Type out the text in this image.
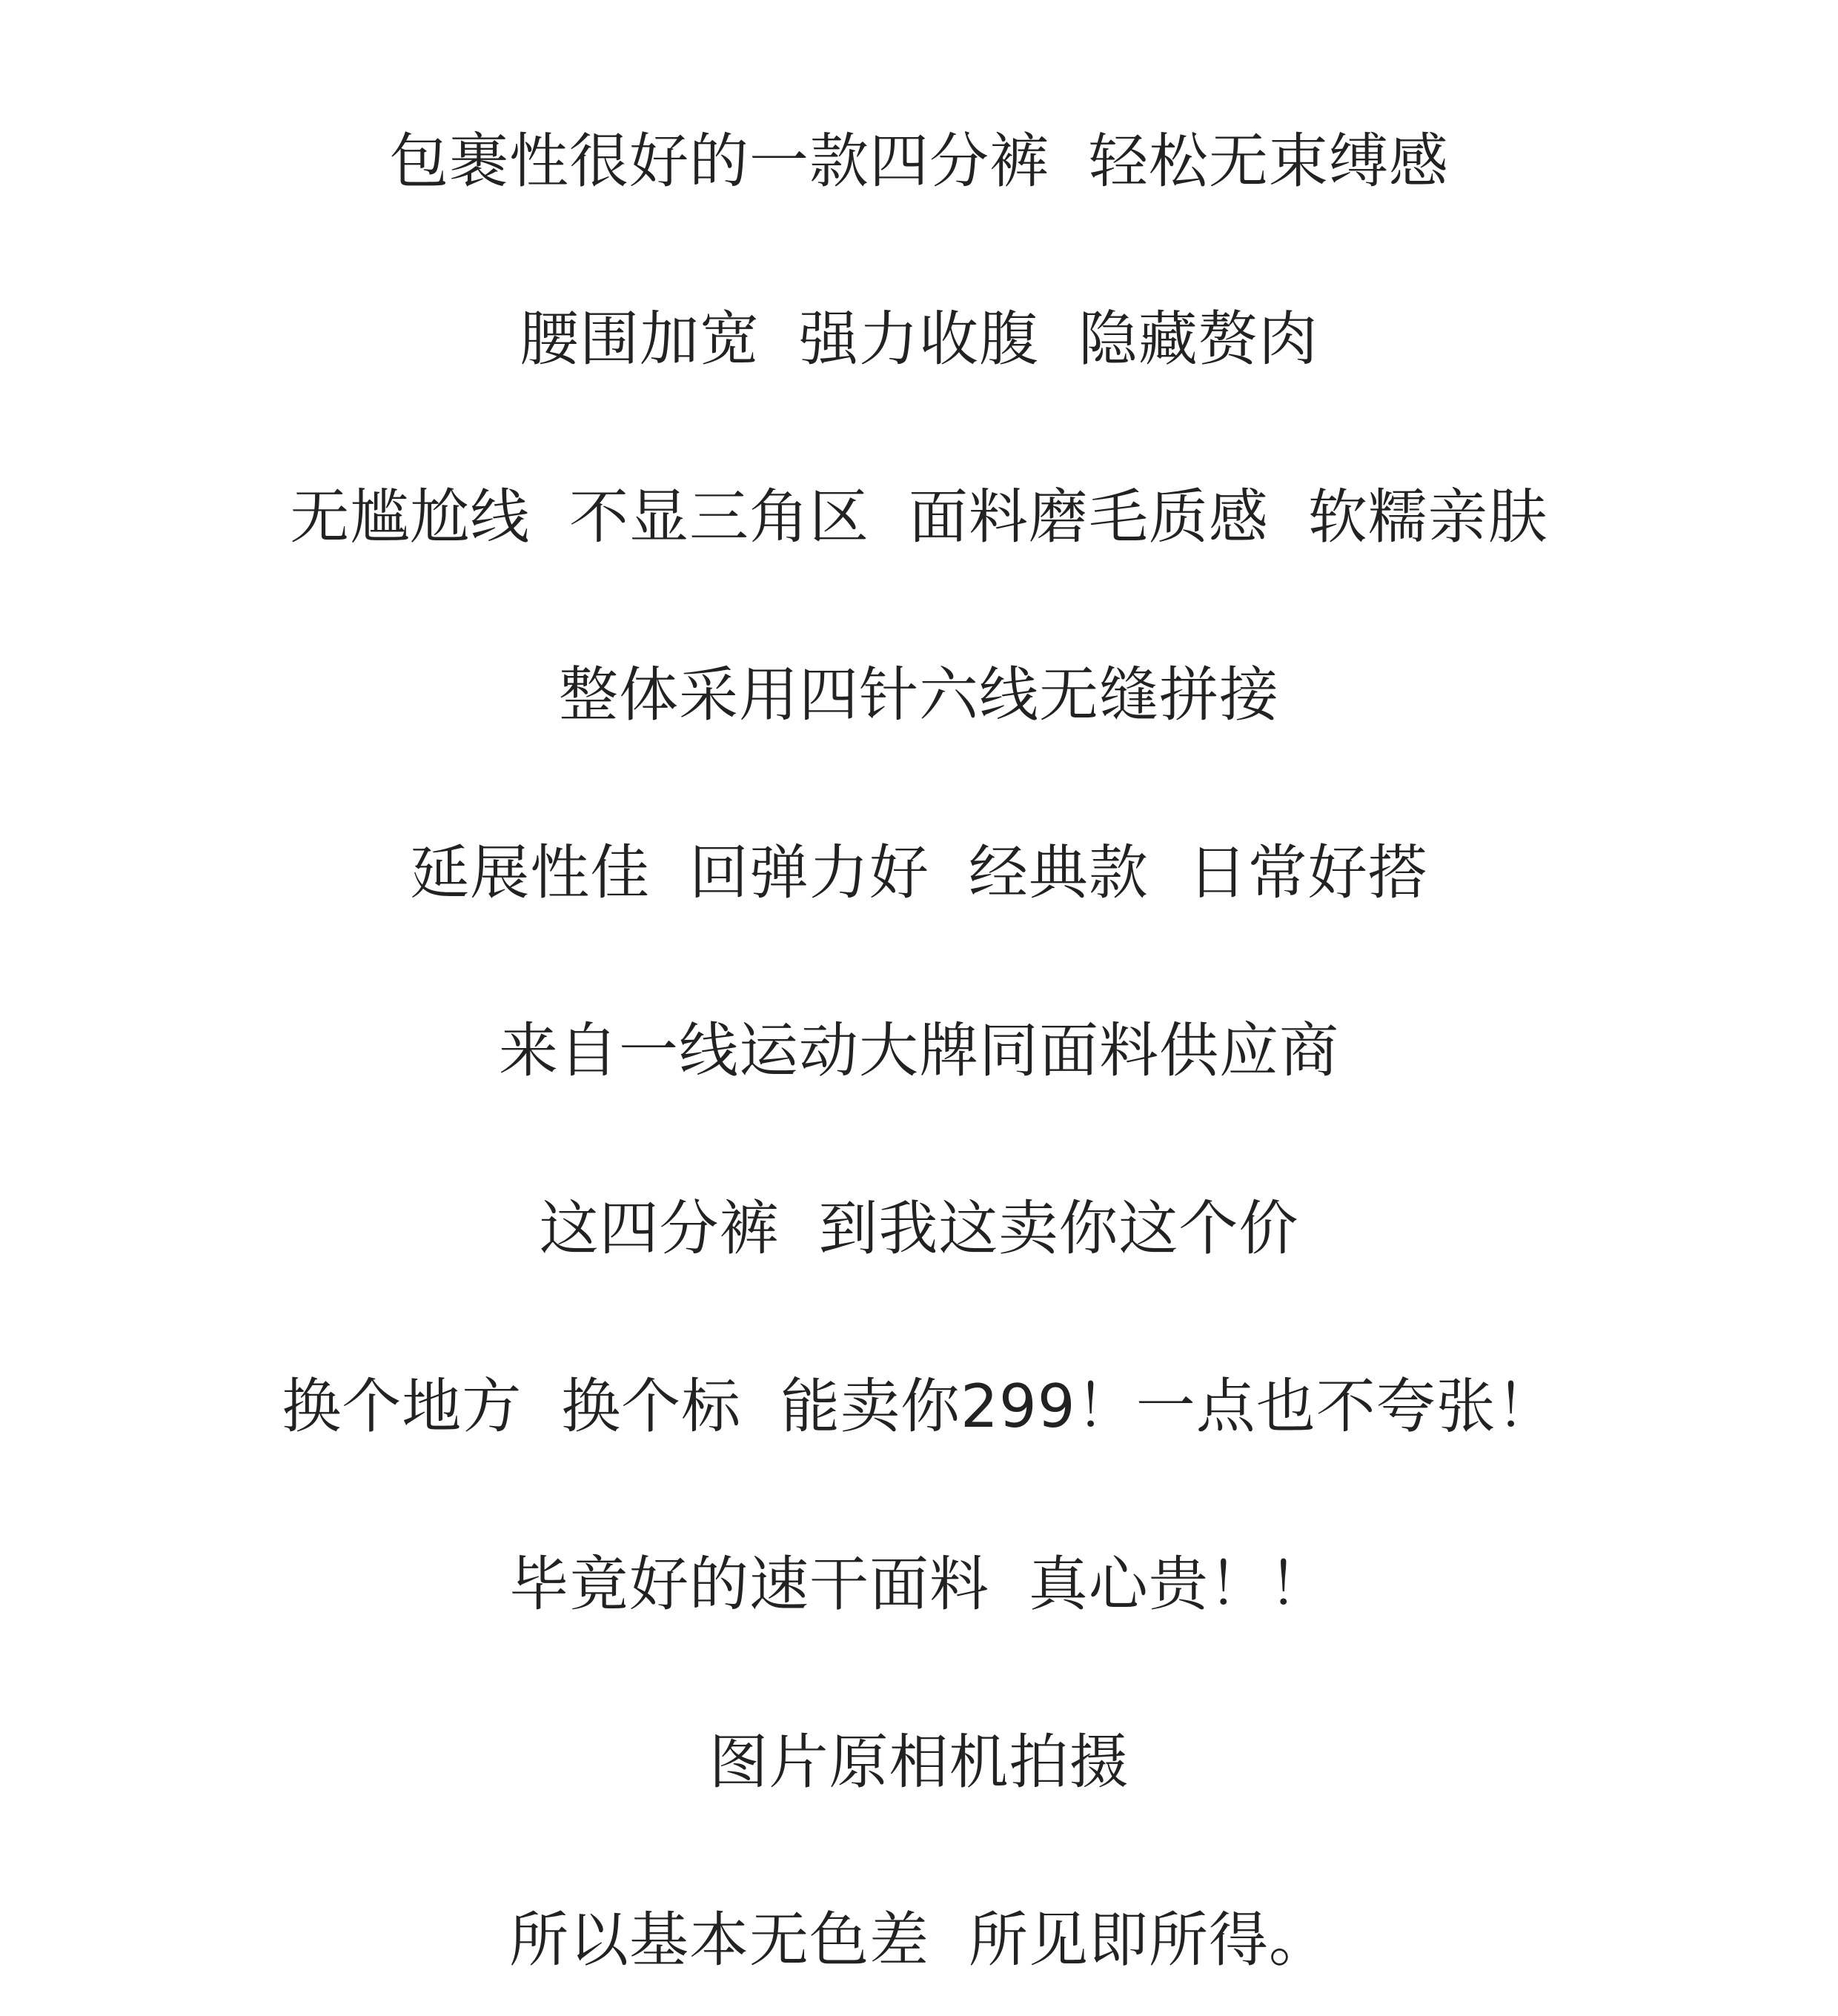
包裹性很好的一款四分裤  轻松无束缚感
腰围加宽  强力收腹  隐藏赘肉
无尴尬线  不显三角区  面料磨毛质感  软糯亲肤
整体采用四针六线无缝拼接
延展性佳  回弹力好  经典款  日常好搭
来自一线运动大牌同面料供应商
这四分裤  到我这卖你这个价
换个地方  换个标  能卖你299！一点也不夸张！
毕竟好的速干面料  真心贵！！
图片原相机拍摄
所以基本无色差  所见即所得。
